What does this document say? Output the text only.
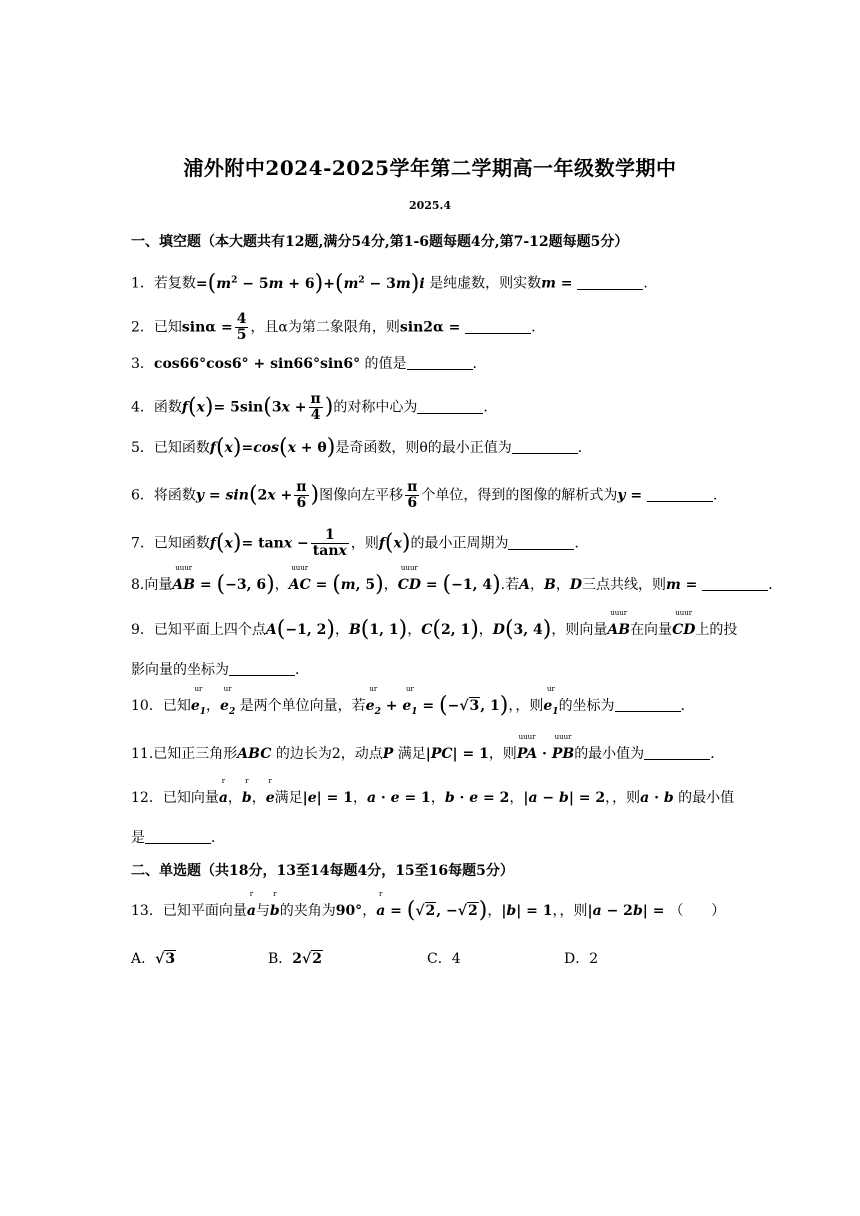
浦外附中2024-2025学年第二学期高一年级数学期中
2025.4
一、填空题（本大题共有12题,满分54分,第1-6题每题4分,第7-12题每题5分）
1．若复数$=(m^2 - 5m + 6)+(m^2 - 3m)i$ 是纯虚数，则实数m =	．
2．已知$\sin\alpha = \frac{4}{5}$ ，且α为第二象限角，则sin2α =	．
3．cos66°cos6° + sin66°sin6° 的值是	．
4．函数$f(x)= 5\sin(3x + \frac{\pi}{4}$ )的对称中心为	．
5．已知函数f(x)=cos(x + θ)是奇函数，则θ的最小正值为	．
6．将函数$y = \sin(2x + \frac{\pi}{6}$ )图像向左平移 $\frac{\pi}{6}$ 个单位，得到的图像的解析式为y =	．
7．已知函数$f(x)= \tan x - \frac{1}{\tan x}$ ，则f(x)的最小正周期为	．
8.向量AB
uuur
= (−3, 6)，AC
uuur
= (m, 5)，CD
uuur
= (−1, 4).若A，B，D三点共线，则m =	．
9．已知平面上四个点A(−1, 2)，B(1, 1)，C(2, 1)，D(3, 4)，则向量AB
uuur
在向量CD
uuur
上的投
影向量的坐标为	．
10．已知$e_1$
ur
，$e_2$
ur
是两个单位向量，若$e_2$
ur
+ $e_1$
ur
= (−√3, 1)，，则$e_1$
ur
的坐标为	．
11.已知正三角形ABC 的边长为2，动点P 满足|PC| = 1，则PA
uuur
· PB
uuur
的最小值为	．
12．已知向量a
r
，b
r
，e
r
满足|e| = 1，a · e = 1，b · e = 2，|a − b| = 2，，则a · b 的最小值
是	．
二、单选题（共18分，13至14每题4分，15至16每题5分）
13．已知平面向量a
r
与b
r
的夹角为90°，a
r
= (√2, −√2)，|b| = 1，，则|a − 2b| = （　　）
A．√3	B．2√2	C．4	D．2
